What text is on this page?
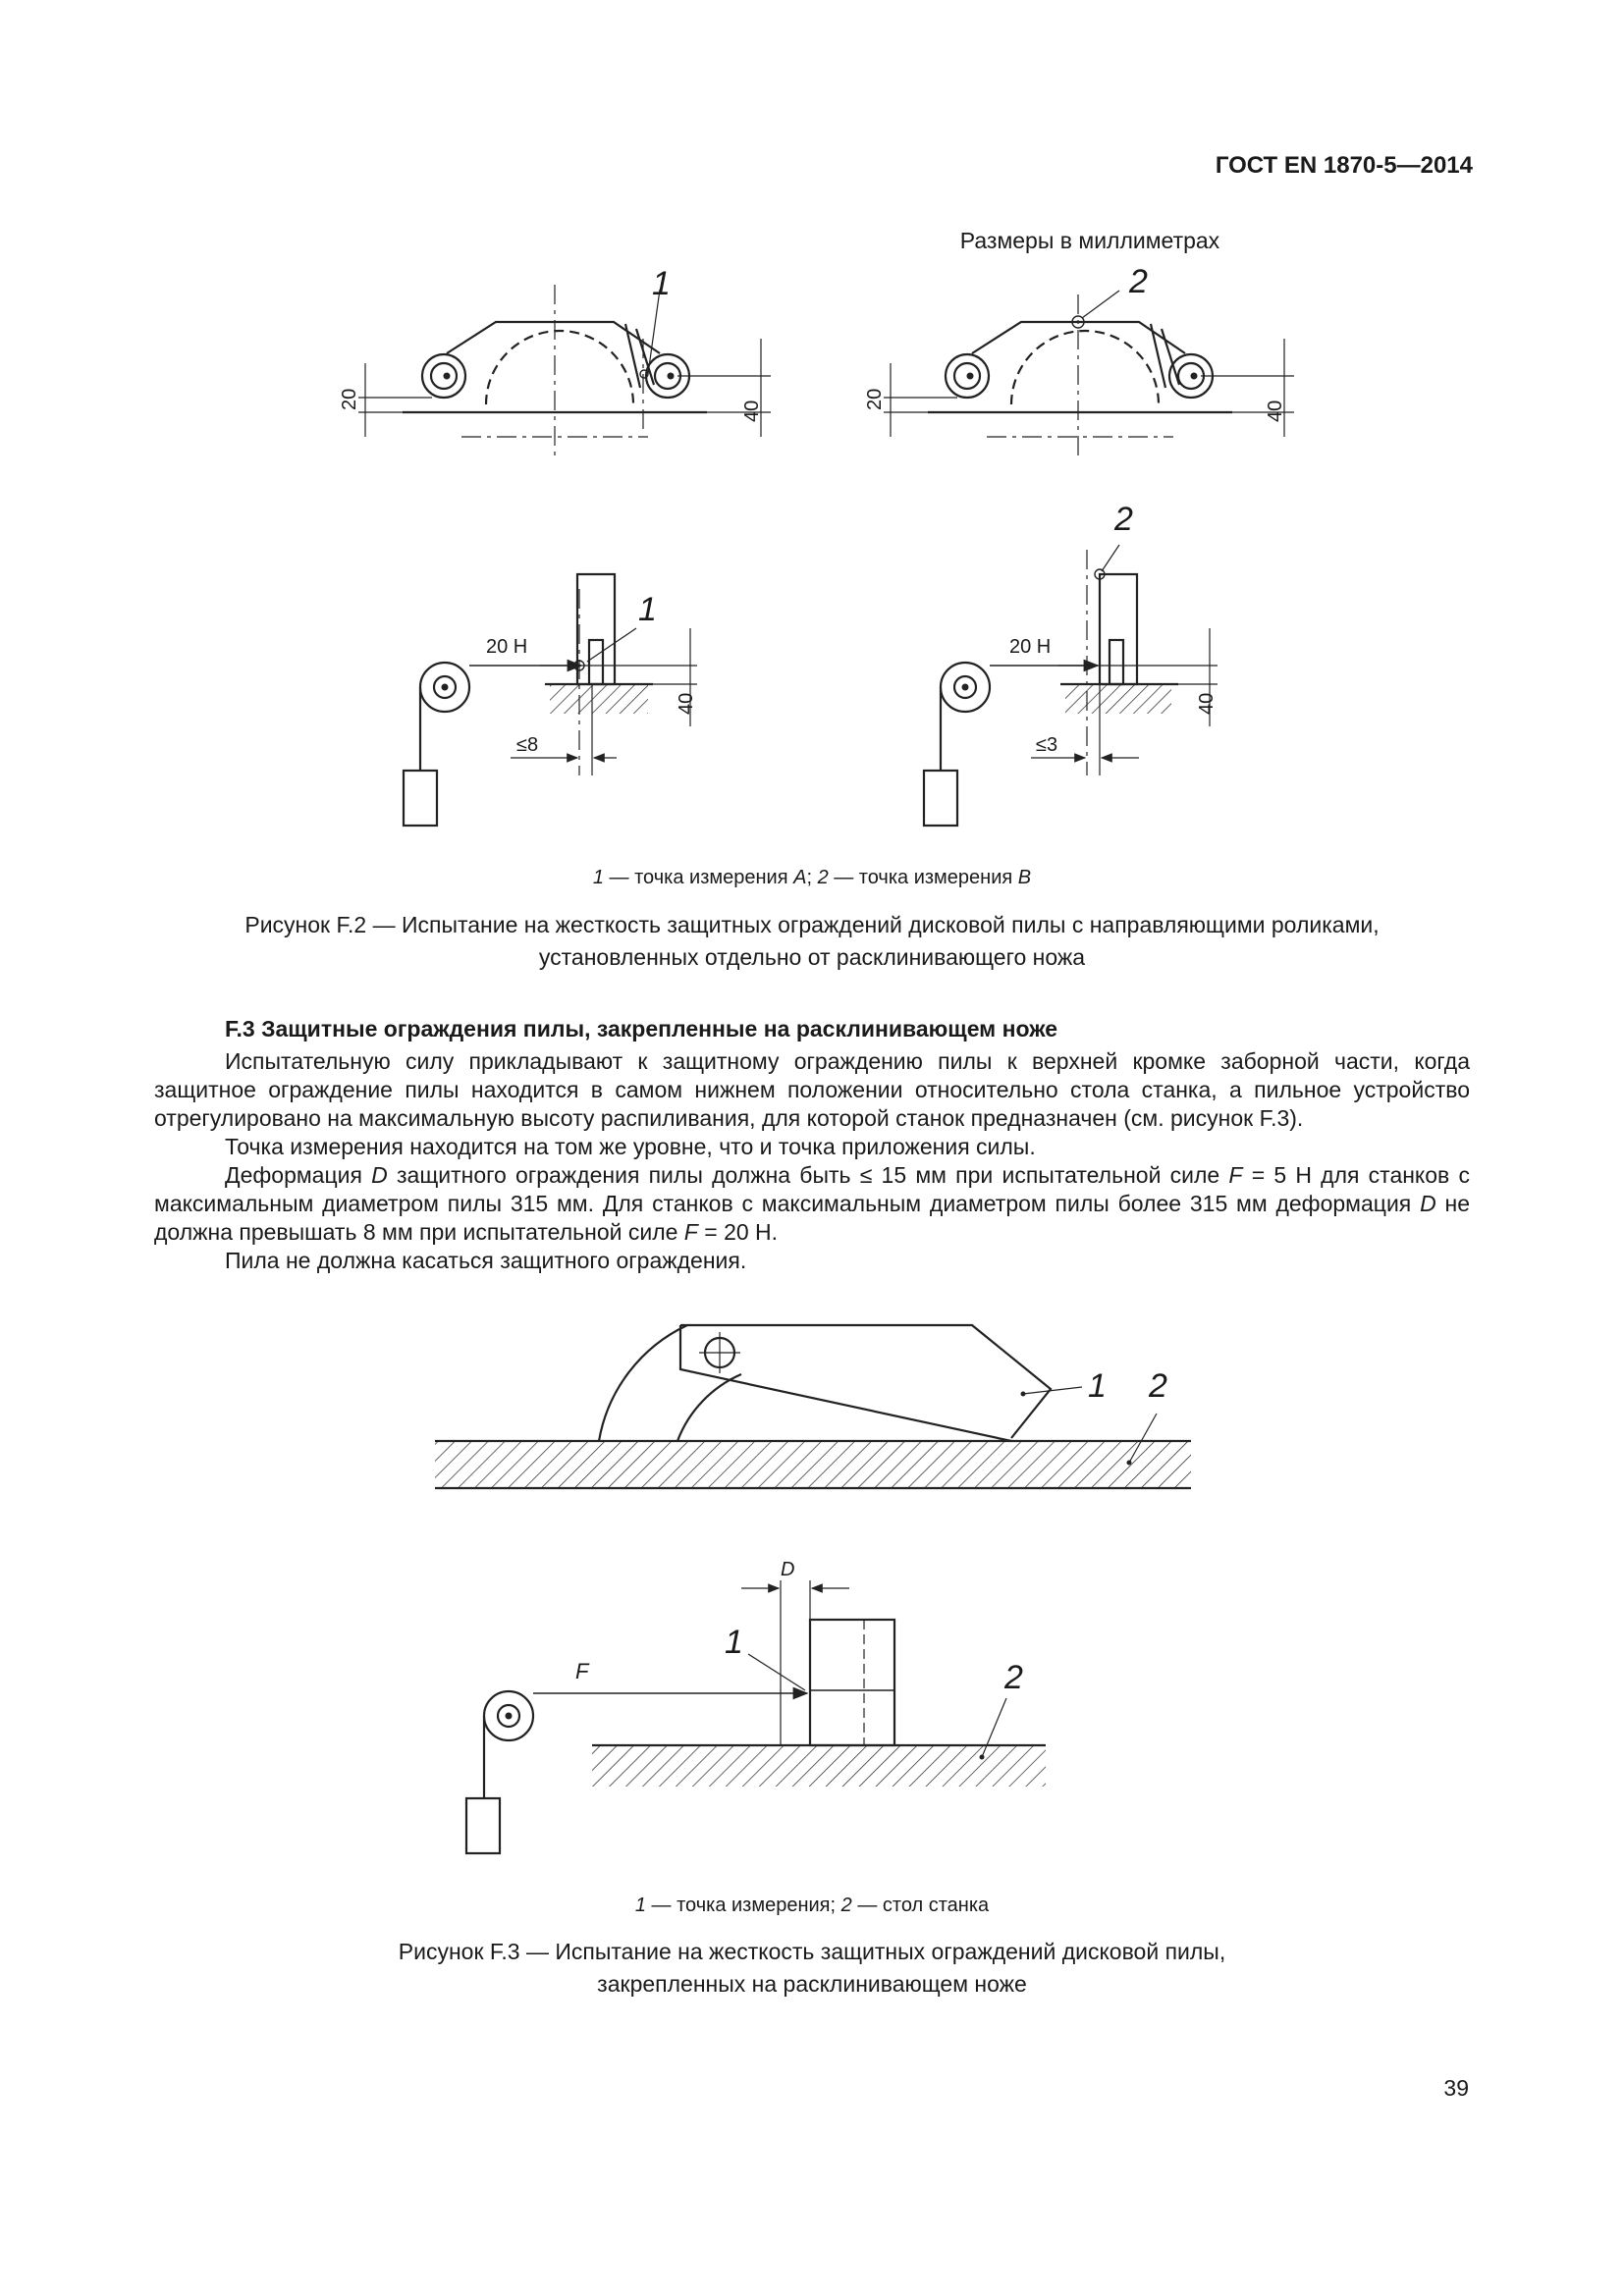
ГОСТ EN 1870-5—2014
Размеры в миллиметрах
20
40
1
20
40
2
20 Н
≤8
40
1
20 Н
≤3
40
2
1 — точка измерения A; 2 — точка измерения B
Рисунок F.2 — Испытание на жесткость защитных ограждений дисковой пилы с направляющими роликами,
установленных отдельно от расклинивающего ножа
F.3 Защитные ограждения пилы, закрепленные на расклинивающем ноже

Испытательную силу прикладывают к защитному ограждению пилы к верхней кромке заборной части, когда защитное ограждение пилы находится в самом нижнем положении относительно стола станка, а пильное устройство отрегулировано на максимальную высоту распиливания, для которой станок предназначен (см. рисунок F.3).

Точка измерения находится на том же уровне, что и точка приложения силы.

Деформация D защитного ограждения пилы должна быть ≤ 15 мм при испытательной силе F = 5 Н для станков с максимальным диаметром пилы 315 мм. Для станков с максимальным диаметром пилы более 315 мм деформация D не должна превышать 8 мм при испытательной силе F = 20 Н.

Пила не должна касаться защитного ограждения.

1 2
D
F
1
2
1 — точка измерения; 2 — стол станка
Рисунок F.3 — Испытание на жесткость защитных ограждений дисковой пилы,
закрепленных на расклинивающем ноже
39
